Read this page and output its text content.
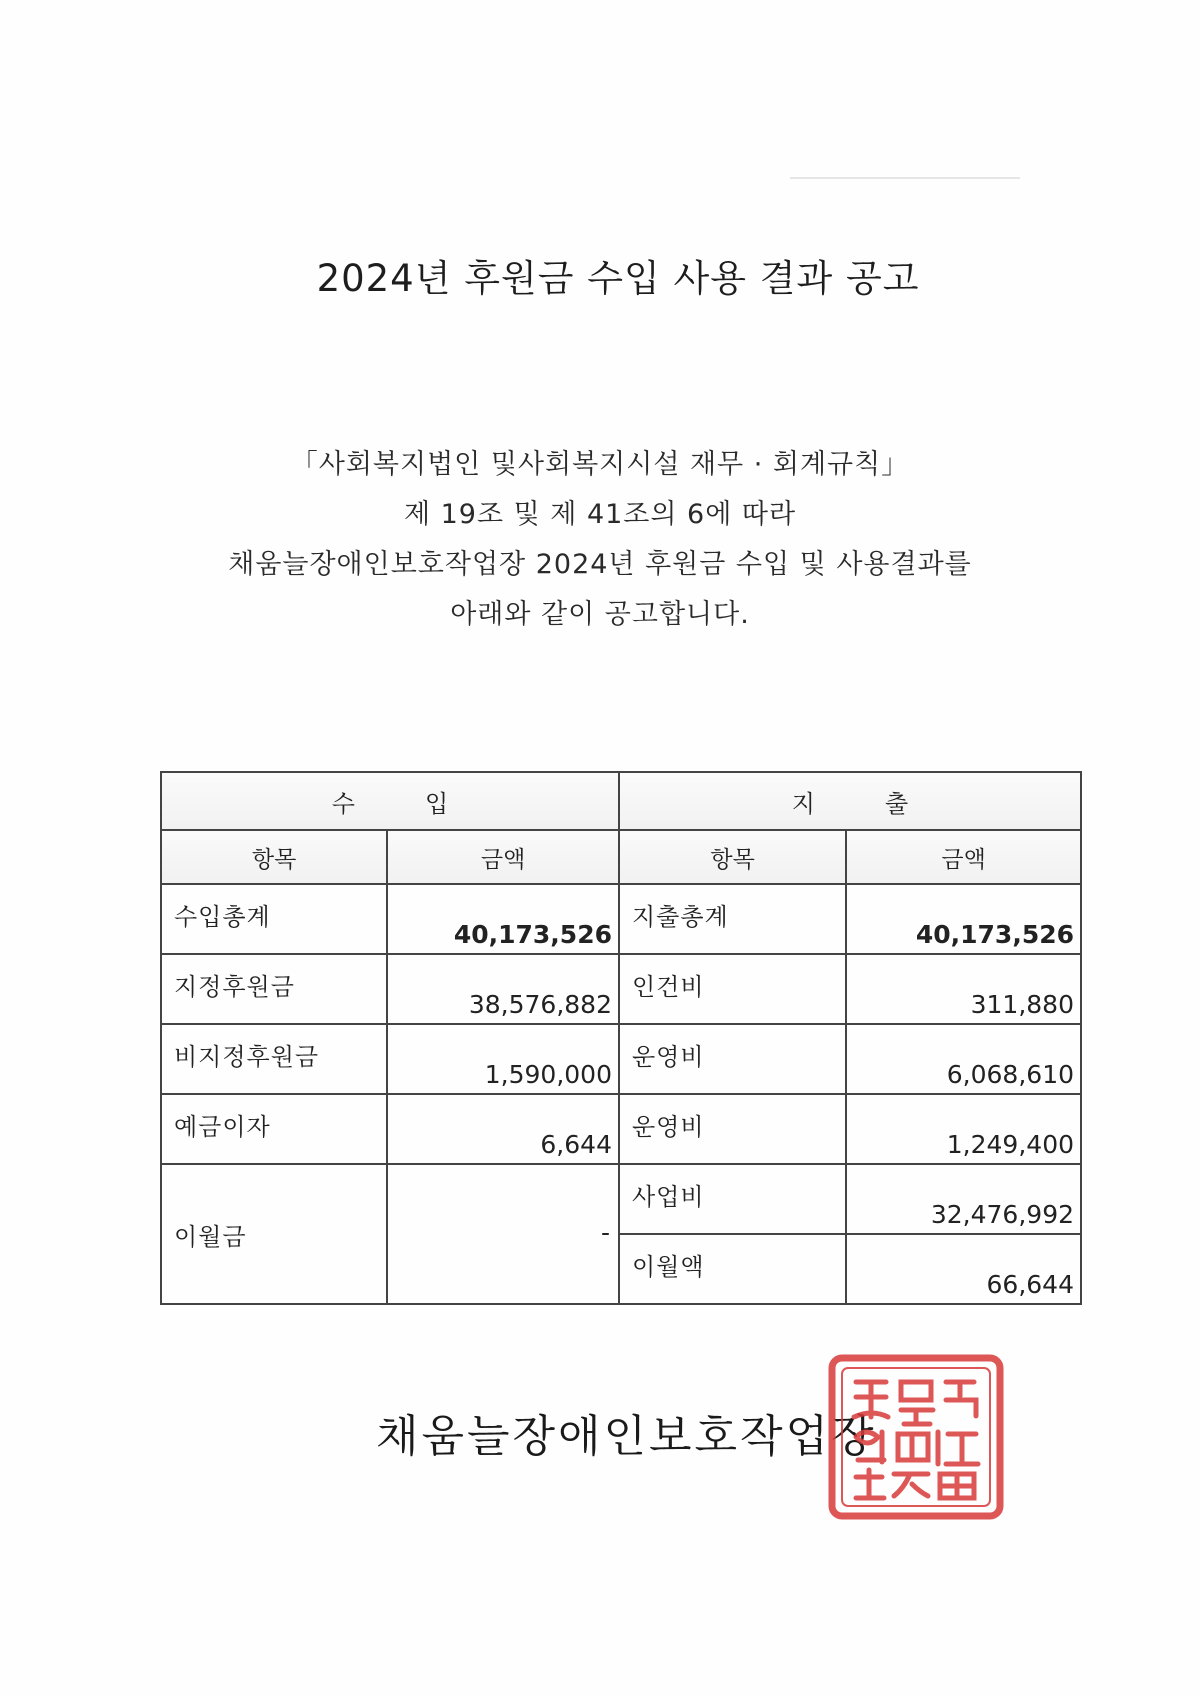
2024년 후원금 수입 사용 결과 공고
「사회복지법인 및사회복지시설 재무 · 회계규칙」
제 19조 및 제 41조의 6에 따라
채움늘장애인보호작업장 2024년 후원금 수입 및 사용결과를
아래와 같이 공고합니다.
수입		지출	
항목	금액	항목	금액
수입총계	40,173,526	지출총계	40,173,526
지정후원금	38,576,882	인건비	311,880
비지정후원금	1,590,000	운영비	6,068,610
예금이자	6,644	운영비	1,249,400
이월금	-	사업비	32,476,992
		이월액	66,644
채움늘장애인보호작업장
